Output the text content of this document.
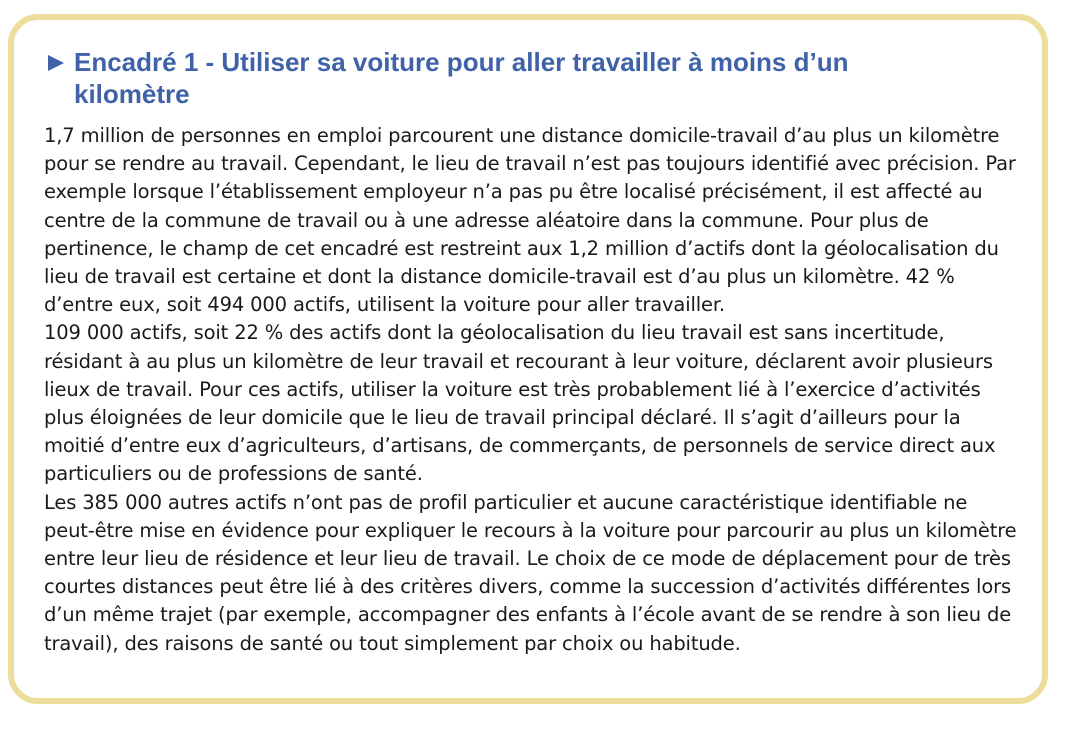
Encadré 1 - Utiliser sa voiture pour aller travailler à moins d’un kilomètre

1,7 million de personnes en emploi parcourent une distance domicile-travail d’au plus un kilomètre pour se rendre au travail. Cependant, le lieu de travail n’est pas toujours identifié avec précision. Par exemple lorsque l’établissement employeur n’a pas pu être localisé précisément, il est affecté au centre de la commune de travail ou à une adresse aléatoire dans la commune. Pour plus de pertinence, le champ de cet encadré est restreint aux 1,2 million d’actifs dont la géolocalisation du lieu de travail est certaine et dont la distance domicile-travail est d’au plus un kilomètre. 42 % d’entre eux, soit 494 000 actifs, utilisent la voiture pour aller travailler.

109 000 actifs, soit 22 % des actifs dont la géolocalisation du lieu travail est sans incertitude, résidant à au plus un kilomètre de leur travail et recourant à leur voiture, déclarent avoir plusieurs lieux de travail. Pour ces actifs, utiliser la voiture est très probablement lié à l’exercice d’activités plus éloignées de leur domicile que le lieu de travail principal déclaré. Il s’agit d’ailleurs pour la moitié d’entre eux d’agriculteurs, d’artisans, de commerçants, de personnels de service direct aux particuliers ou de professions de santé.

Les 385 000 autres actifs n’ont pas de profil particulier et aucune caractéristique identifiable ne peut-être mise en évidence pour expliquer le recours à la voiture pour parcourir au plus un kilomètre entre leur lieu de résidence et leur lieu de travail. Le choix de ce mode de déplacement pour de très courtes distances peut être lié à des critères divers, comme la succession d’activités différentes lors d’un même trajet (par exemple, accompagner des enfants à l’école avant de se rendre à son lieu de travail), des raisons de santé ou tout simplement par choix ou habitude.
